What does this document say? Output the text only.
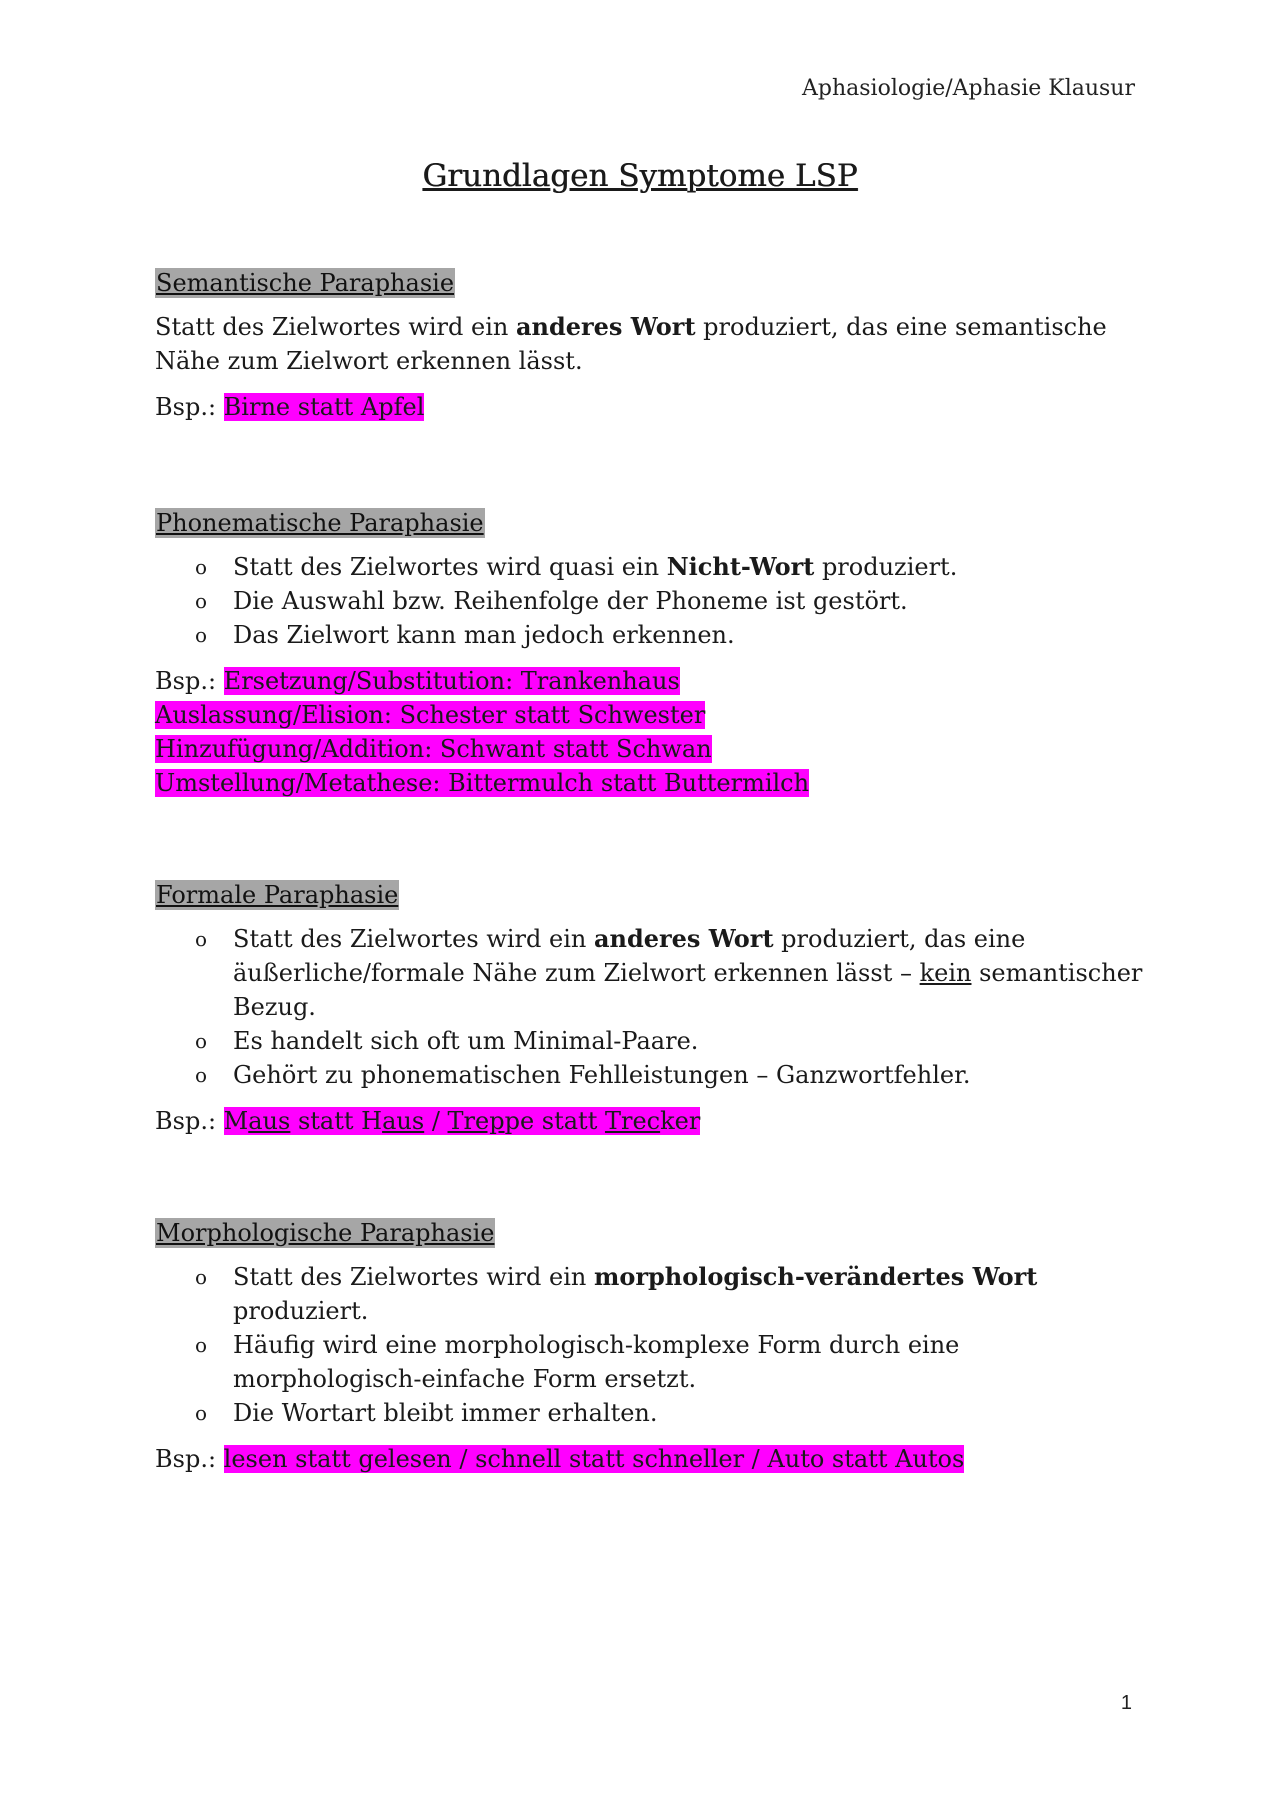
Aphasiologie/Aphasie Klausur
Grundlagen Symptome LSP
Semantische Paraphasie

Statt des Zielwortes wird ein anderes Wort produziert, das eine semantische Nähe zum Zielwort erkennen lässt.

Bsp.: Birne statt Apfel

Phonematische Paraphasie
o Statt des Zielwortes wird quasi ein Nicht-Wort produziert.
o Die Auswahl bzw. Reihenfolge der Phoneme ist gestört.
o Das Zielwort kann man jedoch erkennen.
Bsp.: Ersetzung/Substitution: Trankenhaus
Auslassung/Elision: Schester statt Schwester
Hinzufügung/Addition: Schwant statt Schwan
Umstellung/Metathese: Bittermulch statt Buttermilch
Formale Paraphasie
o Statt des Zielwortes wird ein anderes Wort produziert, das eine äußerliche/formale Nähe zum Zielwort erkennen lässt – kein semantischer Bezug.
o Es handelt sich oft um Minimal-Paare.
o Gehört zu phonematischen Fehlleistungen – Ganzwortfehler.

Bsp.: Maus statt Haus / Treppe statt Trecker

Morphologische Paraphasie
o Statt des Zielwortes wird ein morphologisch-verändertes Wort produziert.
o Häufig wird eine morphologisch-komplexe Form durch eine morphologisch-einfache Form ersetzt.
o Die Wortart bleibt immer erhalten.

Bsp.: lesen statt gelesen / schnell statt schneller / Auto statt Autos

1
